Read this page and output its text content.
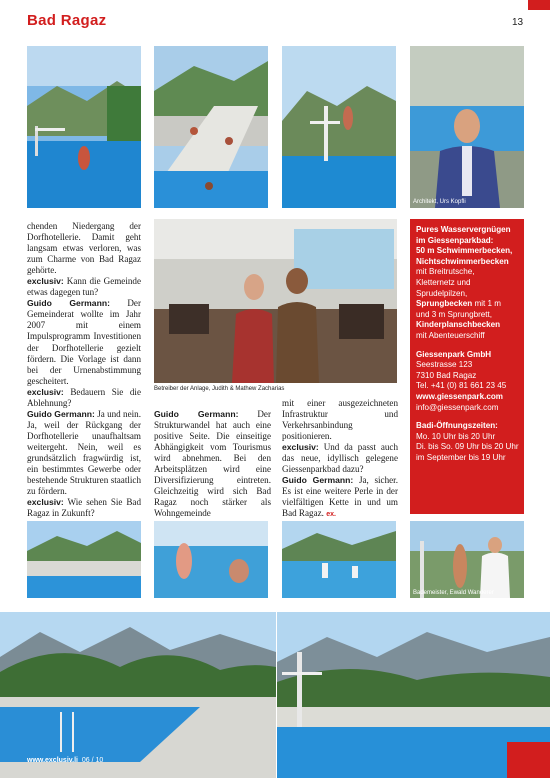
Bad Ragaz	13
Architekt, Urs Kopfli
Betreiber der Anlage, Judith & Mathew Zacharias

chenden Niedergang der Dorfhotellerie. Damit geht langsam etwas verloren, was zum Charme von Bad Ragaz gehörte.

exclusiv: Kann die Gemeinde etwas dagegen tun?

Guido Germann: Der Gemeinderat wollte im Jahr 2007 mit einem Impulsprogramm Investitionen der Dorfhotellerie gezielt fördern. Die Vorlage ist dann bei der Urnenabstimmung gescheitert.

exclusiv: Bedauern Sie die Ablehnung?

Guido Germann: Ja und nein. Ja, weil der Rückgang der Dorfhotellerie unaufhaltsam weitergeht. Nein, weil es grundsätzlich fragwürdig ist, ein bestimmtes Gewerbe oder bestehende Strukturen staatlich zu fördern.

exclusiv: Wie sehen Sie Bad Ragaz in Zukunft?

Guido Germann: Der Strukturwandel hat auch eine positive Seite. Die einseitige Abhängigkeit vom Tourismus wird abnehmen. Bei den Arbeitsplätzen wird eine Diversifizierung eintreten. Gleichzeitig wird sich Bad Ragaz noch stärker als Wohngemeinde

mit einer ausgezeichneten Infrastruktur und Verkehrsanbindung positionieren.

exclusiv: Und da passt auch das neue, idyllisch gelegene Giessenparkbad dazu?

Guido Germann: Ja, sicher. Es ist eine weitere Perle in der vielfältigen Kette in und um Bad Ragaz. ex.

Pures Wasservergnügen
im Giessenparkbad:
50 m Schwimmerbecken,
Nichtschwimmerbecken
mit Breitrutsche,
Kletternetz und
Sprudelpilzen,
Sprungbecken mit 1 m
und 3 m Sprungbrett,
Kinderplanschbecken
mit Abenteuerschiff
Giessenpark GmbH
Seestrasse 123
7310 Bad Ragaz
Tel. +41 (0) 81 661 23 45
www.giessenpark.com
info@giessenpark.com
Badi-Öffnungszeiten:
Mo. 10 Uhr bis 20 Uhr
Di. bis So. 09 Uhr bis 20 Uhr
im September bis 19 Uhr
Bademeister, Ewald Wanderer
www.exclusiv.li 06 / 10
